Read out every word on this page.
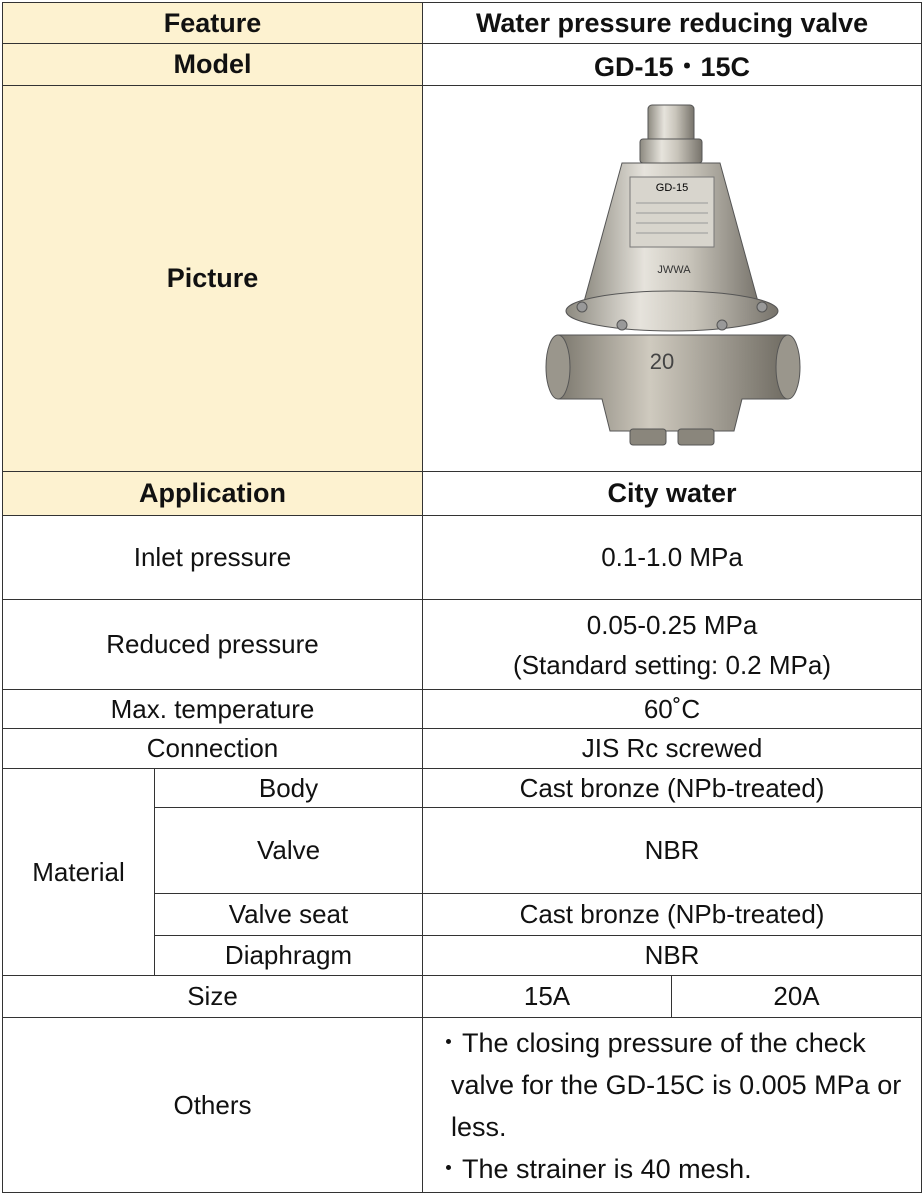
Feature		Water pressure reducing valve	
Model		GD-15・15C	
Picture		GD-15
JWWA
20	

Application		City water	
Inlet pressure		0.1-1.0 MPa	
Reduced pressure		0.05-0.25 MPa
(Standard setting: 0.2 MPa)	

Max. temperature		60˚C	
Connection		JIS Rc screwed	
Material	Body	Cast bronze (NPb-treated)	
	Valve	NBR	
	Valve seat	Cast bronze (NPb-treated)	
	Diaphragm	NBR	
Size		15A	20A
Others		・The closing pressure of the check valve for the GD-15C is 0.005 MPa or less.
・The strainer is 40 mesh.	
